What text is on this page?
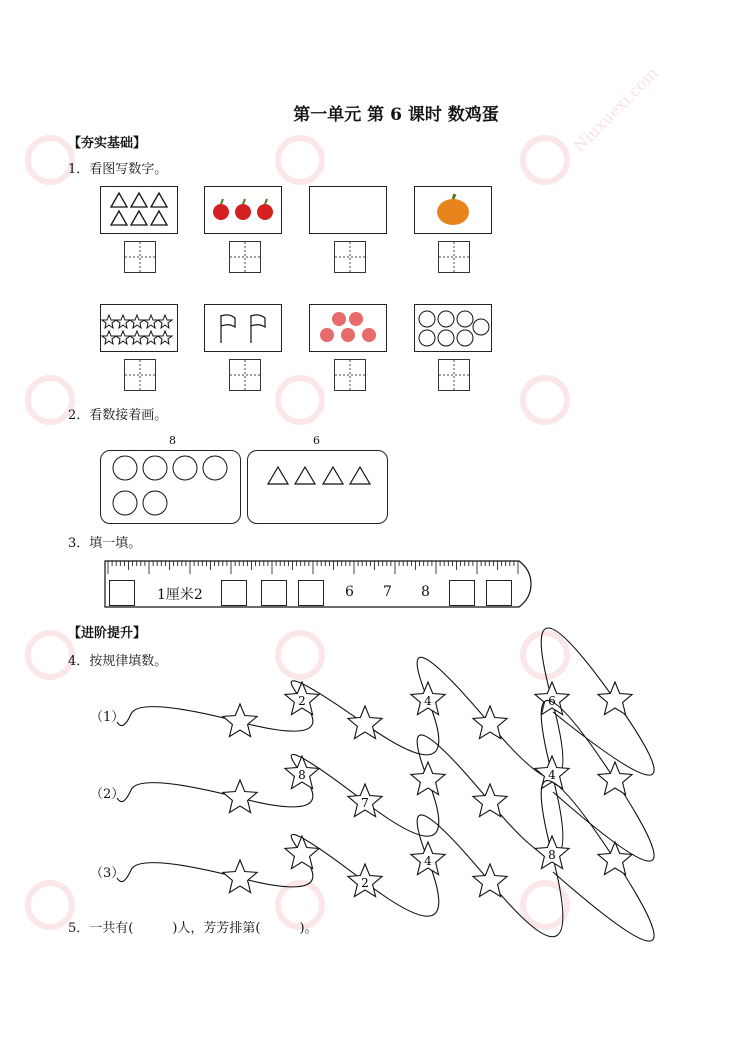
Niuxuexi.com
第一单元 第 6 课时 数鸡蛋
【夯实基础】
1．看图写数字。
2．看数接着画。
8	6
3．填一填。
1厘米2	6 7 8
【进阶提升】
4．按规律填数。
（1）
2	4	6
（2）
8
7
4
（3）
2
4	8
5．一共有(　　　)人，芳芳排第(　　　)。
